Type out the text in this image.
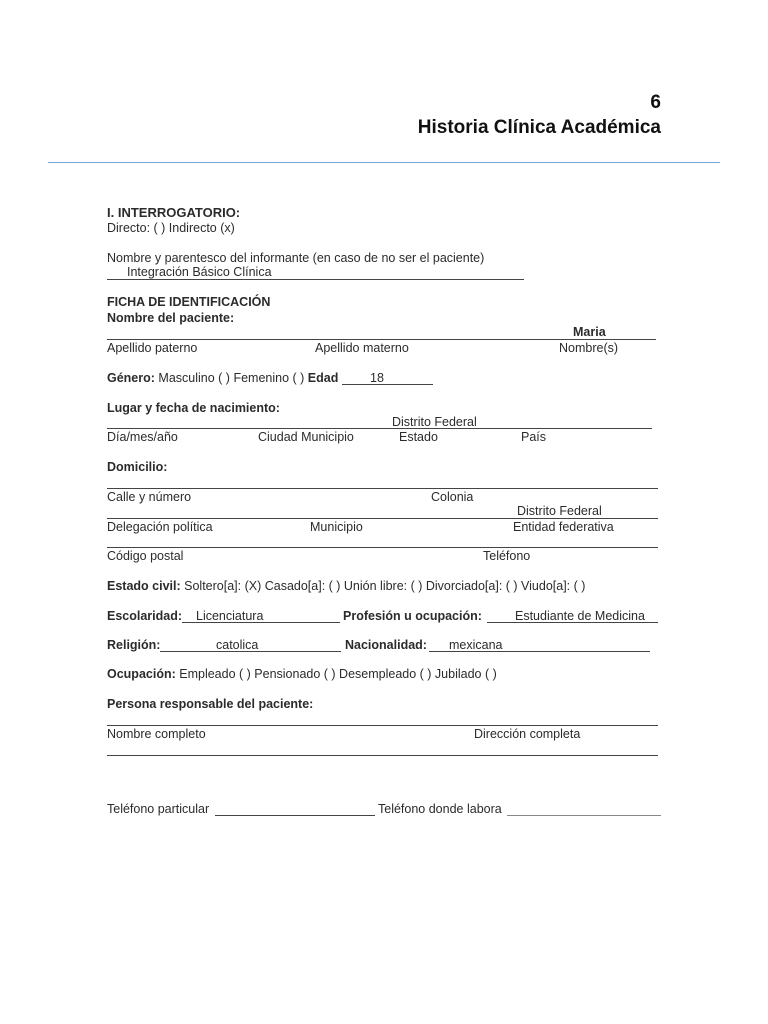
6
Historia Clínica Académica
I. INTERROGATORIO:
Directo: ( ) Indirecto (x)
Nombre y parentesco del informante (en caso de no ser el paciente)
Integración Básico Clínica
FICHA DE IDENTIFICACIÓN
Nombre del paciente:
Maria
Apellido paterno	Apellido materno	Nombre(s)
Género: Masculino ( ) Femenino ( ) Edad	18
Lugar y fecha de nacimiento:
Distrito Federal
Día/mes/año	Ciudad Municipio	Estado	País
Domicilio:
Calle y número	Colonia
Distrito Federal
Delegación política	Municipio	Entidad federativa
Código postal	Teléfono
Estado civil: Soltero[a]: (X) Casado[a]: ( ) Unión libre: ( ) Divorciado[a]: ( ) Viudo[a]: ( )
Escolaridad: Licenciatura	Profesión u ocupación:	Estudiante de Medicina
Religión:	catolica	Nacionalidad: mexicana
Ocupación: Empleado ( ) Pensionado ( ) Desempleado ( ) Jubilado ( )
Persona responsable del paciente:
Nombre completo	Dirección completa
Teléfono particular	Teléfono donde labora
